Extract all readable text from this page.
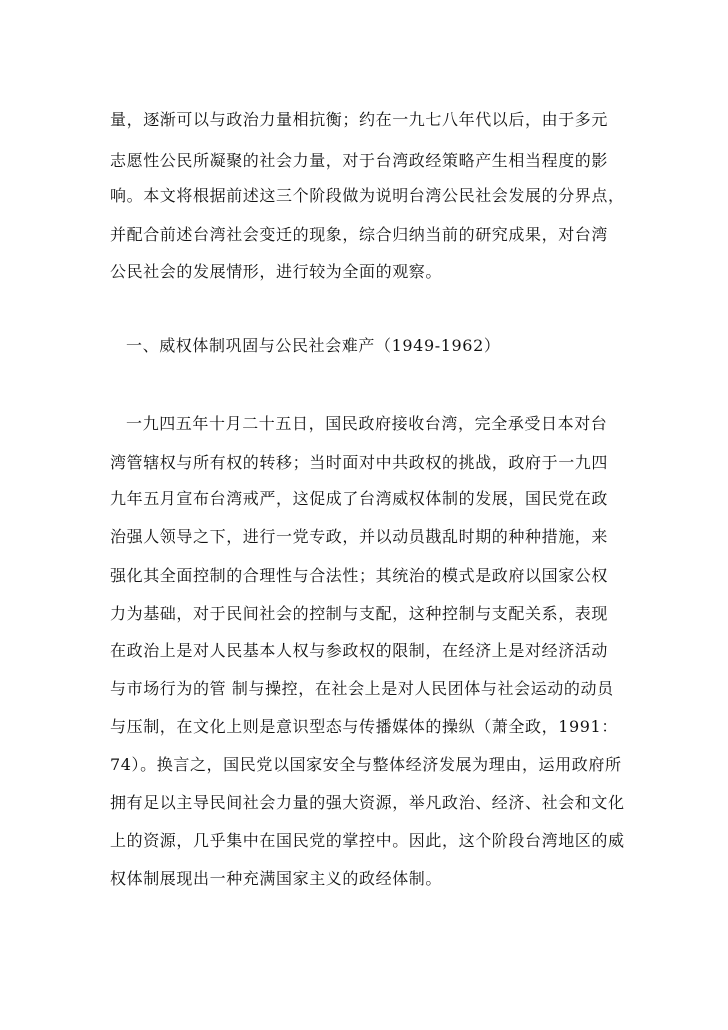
量，逐渐可以与政治力量相抗衡；约在一九七八年代以后，由于多元
志愿性公民所凝聚的社会力量，对于台湾政经策略产生相当程度的影
响。本文将根据前述这三个阶段做为说明台湾公民社会发展的分界点，
并配合前述台湾社会变迁的现象，综合归纳当前的研究成果，对台湾
公民社会的发展情形，进行较为全面的观察。
一、威权体制巩固与公民社会难产（1949-1962）
一九四五年十月二十五日，国民政府接收台湾，完全承受日本对台
湾管辖权与所有权的转移；当时面对中共政权的挑战，政府于一九四
九年五月宣布台湾戒严，这促成了台湾威权体制的发展，国民党在政
治强人领导之下，进行一党专政，并以动员戡乱时期的种种措施，来
强化其全面控制的合理性与合法性；其统治的模式是政府以国家公权
力为基础，对于民间社会的控制与支配，这种控制与支配关系，表现
在政治上是对人民基本人权与参政权的限制，在经济上是对经济活动
与市场行为的管 制与操控，在社会上是对人民团体与社会运动的动员
与压制，在文化上则是意识型态与传播媒体的操纵（萧全政，1991：
74）。换言之，国民党以国家安全与整体经济发展为理由，运用政府所
拥有足以主导民间社会力量的强大资源，举凡政治、经济、社会和文化
上的资源，几乎集中在国民党的掌控中。因此，这个阶段台湾地区的威
权体制展现出一种充满国家主义的政经体制。
